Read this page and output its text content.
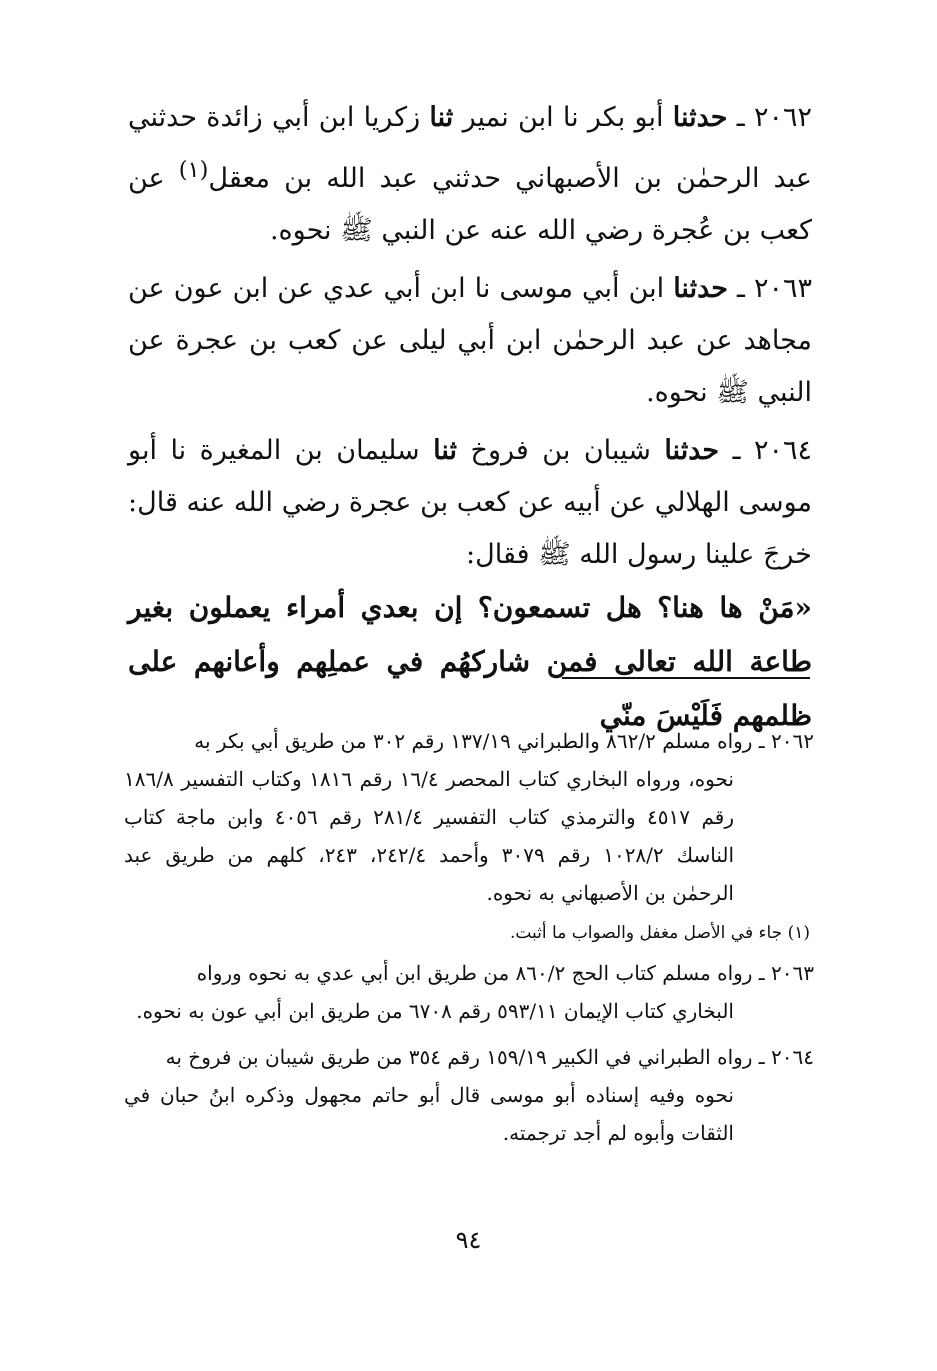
٢٠٦٢ ـ حدثنا أبو بكر نا ابن نمير ثنا زكريا ابن أبي زائدة حدثني عبد الرحمٰن بن الأصبهاني حدثني عبد الله بن معقل$^{(١)}$ عن كعب بن عُجرة رضي الله عنه عن النبي ﷺ نحوه.

٢٠٦٣ ـ حدثنا ابن أبي موسى نا ابن أبي عدي عن ابن عون عن مجاهد عن عبد الرحمٰن ابن أبي ليلى عن كعب بن عجرة عن النبي ﷺ نحوه.

٢٠٦٤ ـ حدثنا شيبان بن فروخ ثنا سليمان بن المغيرة نا أبو موسى الهلالي عن أبيه عن كعب بن عجرة رضي الله عنه قال: خرجَ علينا رسول الله ﷺ فقال:

«مَنْ ها هنا؟ هل تسمعون؟ إن بعدي أمراء يعملون بغير طاعة الله تعالى فمن شاركهُم في عملِهم وأعانهم على ظلمهم فَلَيْسَ منّي

٢٠٦٢ ـ رواه مسلم ٨٦٢/٢ والطبراني ١٣٧/١٩ رقم ٣٠٢ من طريق أبي بكر به
نحوه، ورواه البخاري كتاب المحصر ١٦/٤ رقم ١٨١٦ وكتاب التفسير ١٨٦/٨ رقم ٤٥١٧ والترمذي كتاب التفسير ٢٨١/٤ رقم ٤٠٥٦ وابن ماجة كتاب الناسك ١٠٢٨/٢ رقم ٣٠٧٩ وأحمد ٢٤٢/٤، ٢٤٣، كلهم من طريق عبد الرحمٰن بن الأصبهاني به نحوه.

(١) جاء في الأصل مغفل والصواب ما أثبت.

٢٠٦٣ ـ رواه مسلم كتاب الحج ٨٦٠/٢ من طريق ابن أبي عدي به نحوه ورواه
البخاري كتاب الإيمان ٥٩٣/١١ رقم ٦٧٠٨ من طريق ابن أبي عون به نحوه.

٢٠٦٤ ـ رواه الطبراني في الكبير ١٥٩/١٩ رقم ٣٥٤ من طريق شيبان بن فروخ به
نحوه وفيه إسناده أبو موسى قال أبو حاتم مجهول وذكره ابنُ حبان في الثقات وأبوه لم أجد ترجمته.

٩٤
